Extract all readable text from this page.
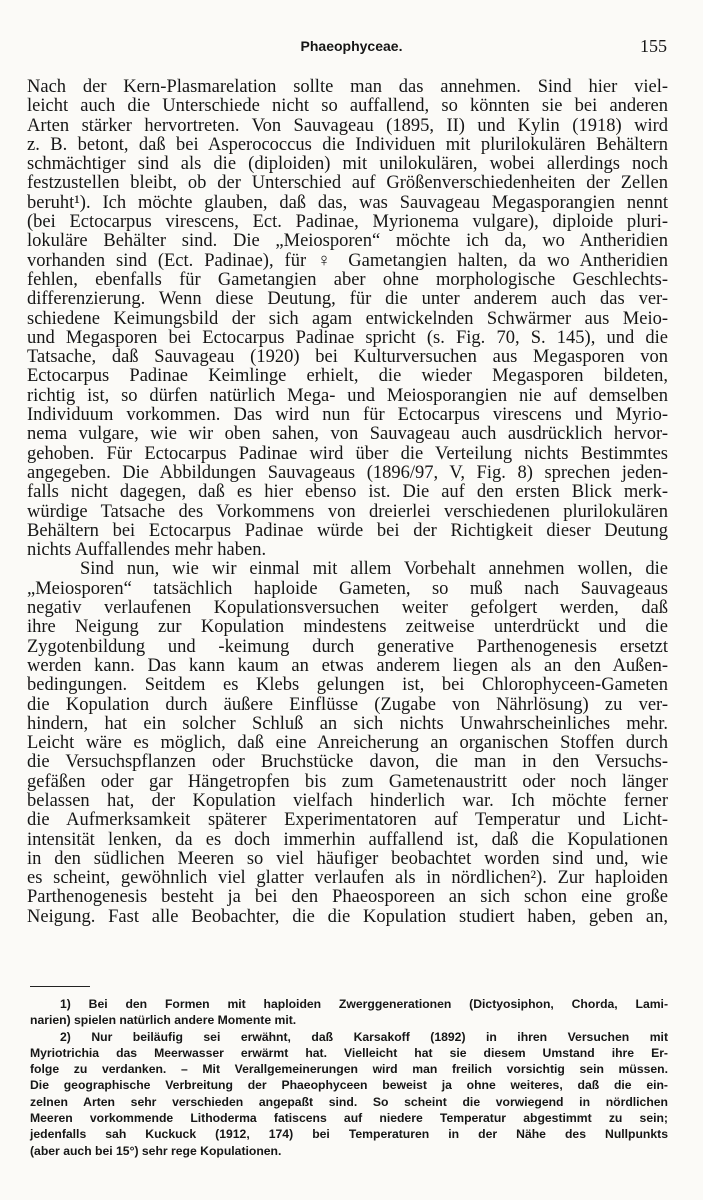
Phaeophyceae.	155
Nach der Kern-Plasmarelation sollte man das annehmen. Sind hier viel-
leicht auch die Unterschiede nicht so auffallend, so könnten sie bei anderen
Arten stärker hervortreten. Von Sauvageau (1895, II) und Kylin (1918) wird
z. B. betont, daß bei Asperococcus die Individuen mit plurilokulären Behältern
schmächtiger sind als die (diploiden) mit unilokulären, wobei allerdings noch
festzustellen bleibt, ob der Unterschied auf Größenverschiedenheiten der Zellen
beruht¹). Ich möchte glauben, daß das, was Sauvageau Megasporangien nennt
(bei Ectocarpus virescens, Ect. Padinae, Myrionema vulgare), diploide pluri-
lokuläre Behälter sind. Die „Meiosporen“ möchte ich da, wo Antheridien
vorhanden sind (Ect. Padinae), für ♀ Gametangien halten, da wo Antheridien
fehlen, ebenfalls für Gametangien aber ohne morphologische Geschlechts-
differenzierung. Wenn diese Deutung, für die unter anderem auch das ver-
schiedene Keimungsbild der sich agam entwickelnden Schwärmer aus Meio-
und Megasporen bei Ectocarpus Padinae spricht (s. Fig. 70, S. 145), und die
Tatsache, daß Sauvageau (1920) bei Kulturversuchen aus Megasporen von
Ectocarpus Padinae Keimlinge erhielt, die wieder Megasporen bildeten,
richtig ist, so dürfen natürlich Mega- und Meiosporangien nie auf demselben
Individuum vorkommen. Das wird nun für Ectocarpus virescens und Myrio-
nema vulgare, wie wir oben sahen, von Sauvageau auch ausdrücklich hervor-
gehoben. Für Ectocarpus Padinae wird über die Verteilung nichts Bestimmtes
angegeben. Die Abbildungen Sauvageaus (1896/97, V, Fig. 8) sprechen jeden-
falls nicht dagegen, daß es hier ebenso ist. Die auf den ersten Blick merk-
würdige Tatsache des Vorkommens von dreierlei verschiedenen plurilokulären
Behältern bei Ectocarpus Padinae würde bei der Richtigkeit dieser Deutung
nichts Auffallendes mehr haben.
Sind nun, wie wir einmal mit allem Vorbehalt annehmen wollen, die
„Meiosporen“ tatsächlich haploide Gameten, so muß nach Sauvageaus
negativ verlaufenen Kopulationsversuchen weiter gefolgert werden, daß
ihre Neigung zur Kopulation mindestens zeitweise unterdrückt und die
Zygotenbildung und -keimung durch generative Parthenogenesis ersetzt
werden kann. Das kann kaum an etwas anderem liegen als an den Außen-
bedingungen. Seitdem es Klebs gelungen ist, bei Chlorophyceen-Gameten
die Kopulation durch äußere Einflüsse (Zugabe von Nährlösung) zu ver-
hindern, hat ein solcher Schluß an sich nichts Unwahrscheinliches mehr.
Leicht wäre es möglich, daß eine Anreicherung an organischen Stoffen durch
die Versuchspflanzen oder Bruchstücke davon, die man in den Versuchs-
gefäßen oder gar Hängetropfen bis zum Gametenaustritt oder noch länger
belassen hat, der Kopulation vielfach hinderlich war. Ich möchte ferner
die Aufmerksamkeit späterer Experimentatoren auf Temperatur und Licht-
intensität lenken, da es doch immerhin auffallend ist, daß die Kopulationen
in den südlichen Meeren so viel häufiger beobachtet worden sind und, wie
es scheint, gewöhnlich viel glatter verlaufen als in nördlichen²). Zur haploiden
Parthenogenesis besteht ja bei den Phaeosporeen an sich schon eine große
Neigung. Fast alle Beobachter, die die Kopulation studiert haben, geben an,
1) Bei den Formen mit haploiden Zwerggenerationen (Dictyosiphon, Chorda, Lami-
narien) spielen natürlich andere Momente mit.
2) Nur beiläufig sei erwähnt, daß Karsakoff (1892) in ihren Versuchen mit
Myriotrichia das Meerwasser erwärmt hat. Vielleicht hat sie diesem Umstand ihre Er-
folge zu verdanken. – Mit Verallgemeinerungen wird man freilich vorsichtig sein müssen.
Die geographische Verbreitung der Phaeophyceen beweist ja ohne weiteres, daß die ein-
zelnen Arten sehr verschieden angepaßt sind. So scheint die vorwiegend in nördlichen
Meeren vorkommende Lithoderma fatiscens auf niedere Temperatur abgestimmt zu sein;
jedenfalls sah Kuckuck (1912, 174) bei Temperaturen in der Nähe des Nullpunkts
(aber auch bei 15°) sehr rege Kopulationen.
